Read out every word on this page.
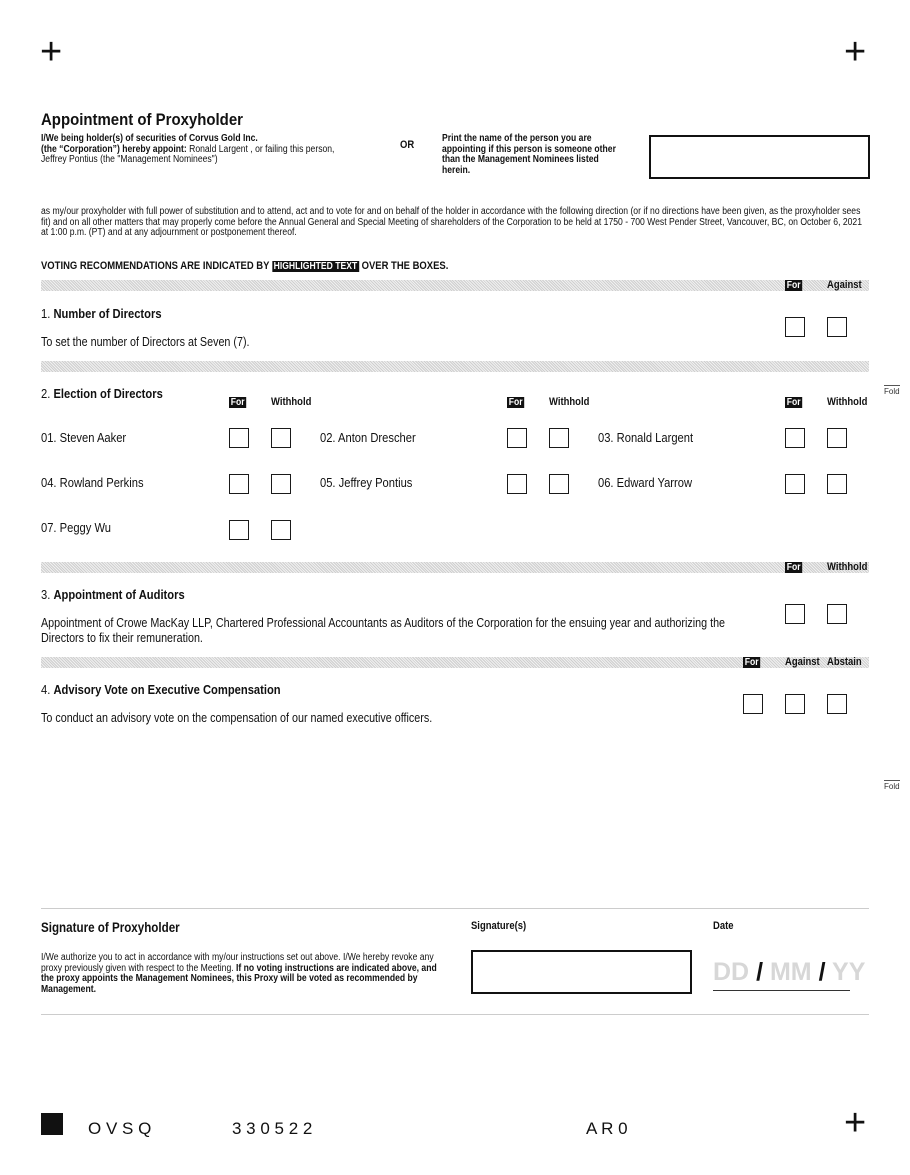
+	+
+
Appointment of Proxyholder
I/We being holder(s) of securities of Corvus Gold Inc.
(the “Corporation”) hereby appoint: Ronald Largent , or failing this person,
Jeffrey Pontius (the "Management Nominees")
OR
Print the name of the person you are appointing if this person is someone other than the Management Nominees listed herein.
as my/our proxyholder with full power of substitution and to attend, act and to vote for and on behalf of the holder in accordance with the following direction (or if no directions have been given, as the proxyholder sees fit) and on all other matters that may properly come before the Annual General and Special Meeting of shareholders of the Corporation to be held at 1750 - 700 West Pender Street, Vancouver, BC, on October 6, 2021 at 1:00 p.m. (PT) and at any adjournment or postponement thereof.
VOTING RECOMMENDATIONS ARE INDICATED BY HIGHLIGHTED TEXT OVER THE BOXES.
For Against
1. Number of Directors
To set the number of Directors at Seven (7).
2. Election of Directors
For Withhold	For Withhold	For Withhold
01. Steven Aaker	02. Anton Drescher	03. Ronald Largent
04. Rowland Perkins	05. Jeffrey Pontius	06. Edward Yarrow
07. Peggy Wu
For Withhold
3. Appointment of Auditors
Appointment of Crowe MacKay LLP, Chartered Professional Accountants as Auditors of the Corporation for the ensuing year and authorizing the Directors to fix their remuneration.
For Against Abstain
4. Advisory Vote on Executive Compensation
To conduct an advisory vote on the compensation of our named executive officers.
Fold
Fold
Signature of Proxyholder
I/We authorize you to act in accordance with my/our instructions set out above. I/We hereby revoke any proxy previously given with respect to the Meeting. If no voting instructions are indicated above, and the proxy appoints the Management Nominees, this Proxy will be voted as recommended by Management.
Signature(s)	Date
DD / MM / YY
O V S Q	3 3 0 5 2 2	A R 0
